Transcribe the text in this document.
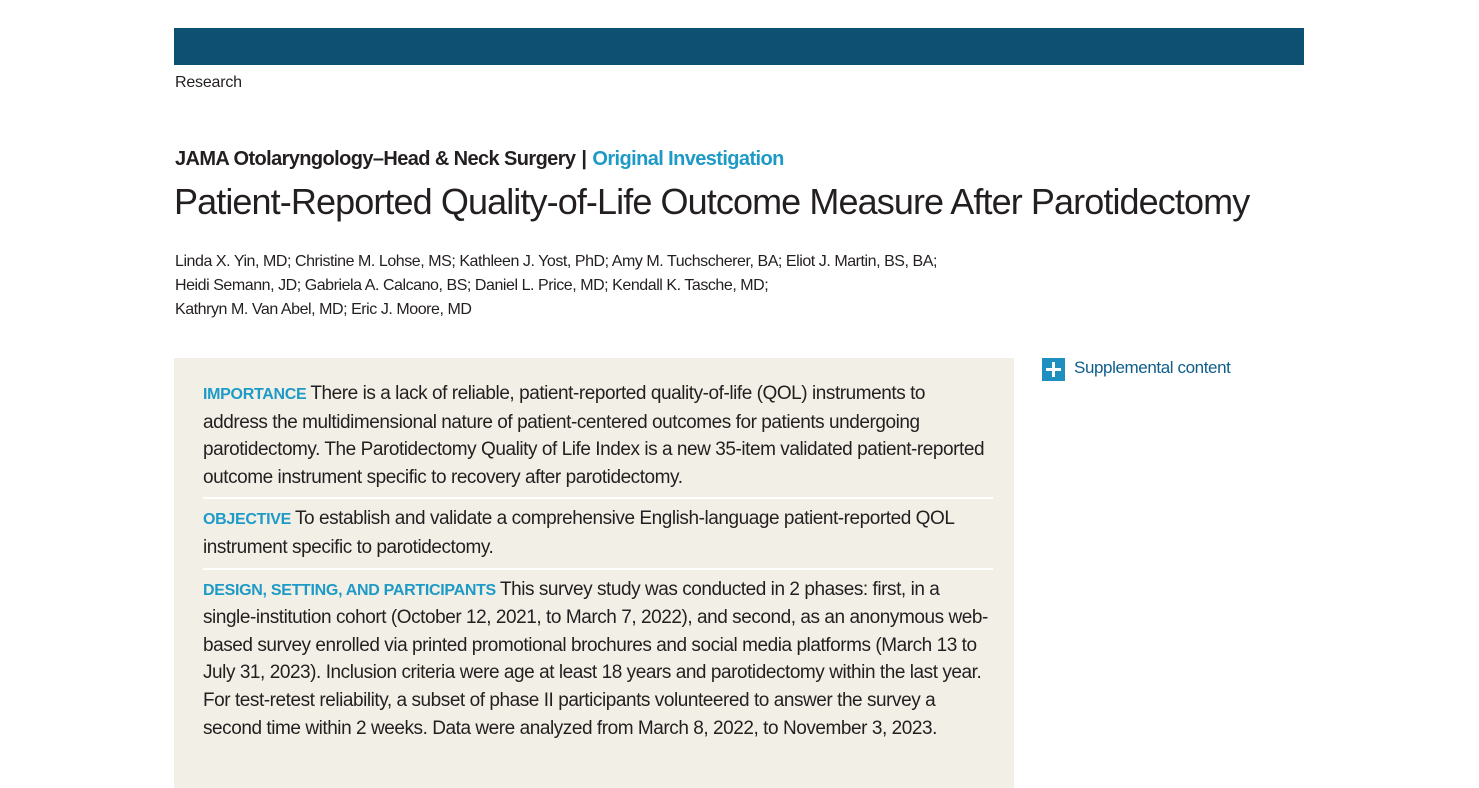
Research
JAMA Otolaryngology–Head & Neck Surgery | Original Investigation
Patient-Reported Quality-of-Life Outcome Measure After Parotidectomy
Linda X. Yin, MD; Christine M. Lohse, MS; Kathleen J. Yost, PhD; Amy M. Tuchscherer, BA; Eliot J. Martin, BS, BA;
Heidi Semann, JD; Gabriela A. Calcano, BS; Daniel L. Price, MD; Kendall K. Tasche, MD;
Kathryn M. Van Abel, MD; Eric J. Moore, MD
Supplemental content
IMPORTANCE There is a lack of reliable, patient-reported quality-of-life (QOL) instruments to address the multidimensional nature of patient-centered outcomes for patients undergoing parotidectomy. The Parotidectomy Quality of Life Index is a new 35-item validated patient-reported outcome instrument specific to recovery after parotidectomy.
OBJECTIVE To establish and validate a comprehensive English-language patient-reported QOL instrument specific to parotidectomy.
DESIGN, SETTING, AND PARTICIPANTS This survey study was conducted in 2 phases: first, in a single-institution cohort (October 12, 2021, to March 7, 2022), and second, as an anonymous web-based survey enrolled via printed promotional brochures and social media platforms (March 13 to July 31, 2023). Inclusion criteria were age at least 18 years and parotidectomy within the last year. For test-retest reliability, a subset of phase II participants volunteered to answer the survey a second time within 2 weeks. Data were analyzed from March 8, 2022, to November 3, 2023.
